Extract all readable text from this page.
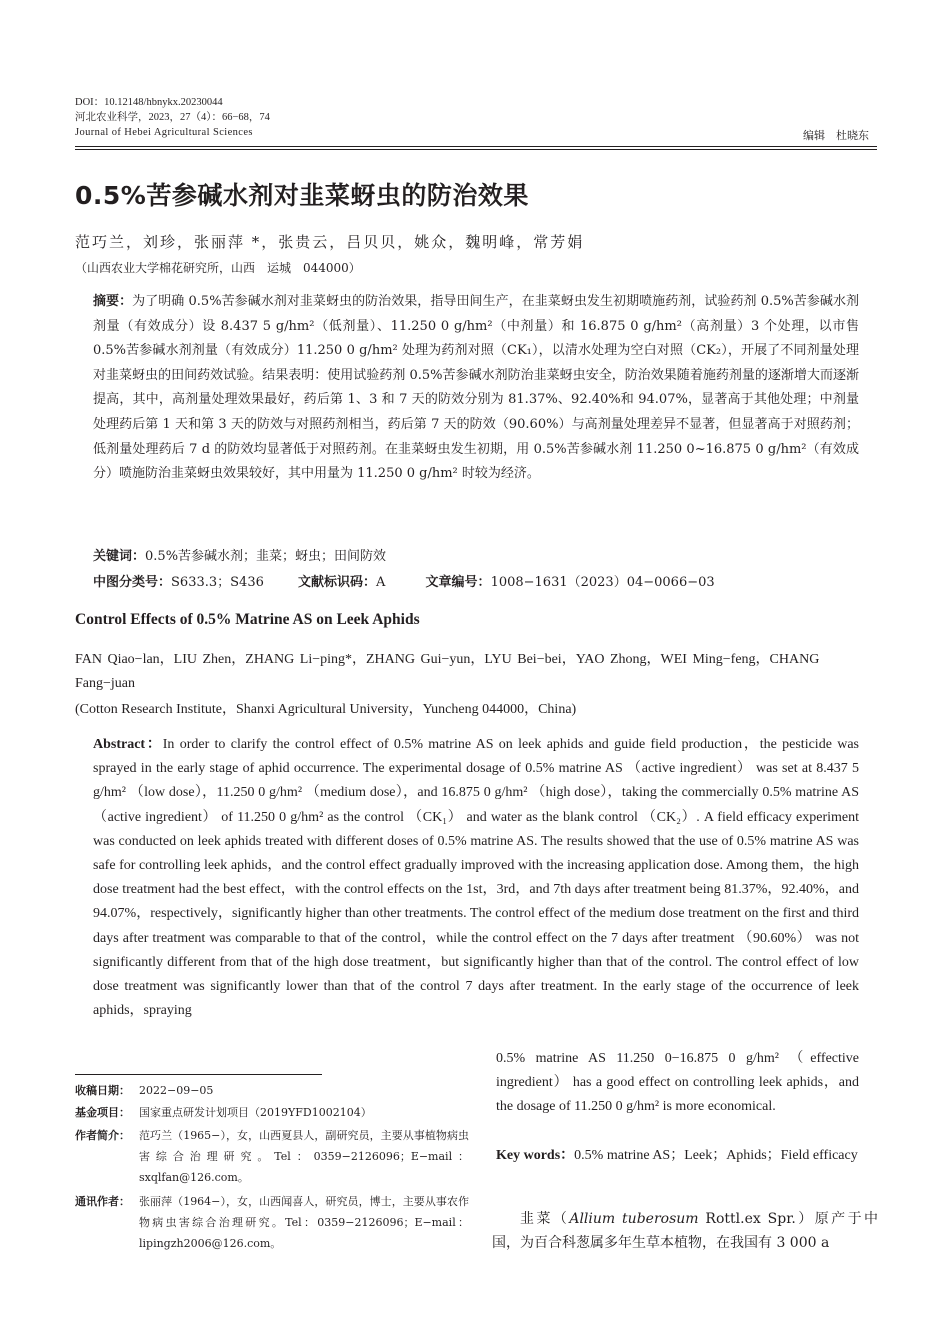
DOI：10.12148/hbnykx.20230044
河北农业科学，2023，27（4）：66−68，74
Journal of Hebei Agricultural Sciences	编辑　杜晓东
0.5%苦参碱水剂对韭菜蚜虫的防治效果
范巧兰，刘珍，张丽萍 *，张贵云，吕贝贝，姚众，魏明峰，常芳娟
（山西农业大学棉花研究所，山西　运城　044000）
摘要：为了明确 0.5%苦参碱水剂对韭菜蚜虫的防治效果，指导田间生产，在韭菜蚜虫发生初期喷施药剂，试验药剂 0.5%苦参碱水剂剂量（有效成分）设 8.437 5 g/hm²（低剂量）、11.250 0 g/hm²（中剂量）和 16.875 0 g/hm²（高剂量）3 个处理，以市售 0.5%苦参碱水剂剂量（有效成分）11.250 0 g/hm² 处理为药剂对照（CK₁），以清水处理为空白对照（CK₂），开展了不同剂量处理对韭菜蚜虫的田间药效试验。结果表明：使用试验药剂 0.5%苦参碱水剂防治韭菜蚜虫安全，防治效果随着施药剂量的逐渐增大而逐渐提高，其中，高剂量处理效果最好，药后第 1、3 和 7 天的防效分别为 81.37%、92.40%和 94.07%，显著高于其他处理；中剂量处理药后第 1 天和第 3 天的防效与对照药剂相当，药后第 7 天的防效（90.60%）与高剂量处理差异不显著，但显著高于对照药剂；低剂量处理药后 7 d 的防效均显著低于对照药剂。在韭菜蚜虫发生初期，用 0.5%苦参碱水剂 11.250 0~16.875 0 g/hm²（有效成分）喷施防治韭菜蚜虫效果较好，其中用量为 11.250 0 g/hm² 时较为经济。
关键词：0.5%苦参碱水剂；韭菜；蚜虫；田间防效
中图分类号：S633.3；S436	文献标识码：A	文章编号：1008−1631（2023）04−0066−03
Control Effects of 0.5% Matrine AS on Leek Aphids
FAN Qiao−lan，LIU Zhen，ZHANG Li−ping*，ZHANG Gui−yun，LYU Bei−bei，YAO Zhong，WEI Ming−feng，CHANG Fang−juan
(Cotton Research Institute，Shanxi Agricultural University，Yuncheng 044000，China)
Abstract：In order to clarify the control effect of 0.5% matrine AS on leek aphids and guide field production，the pesticide was sprayed in the early stage of aphid occurrence. The experimental dosage of 0.5% matrine AS （active ingredient） was set at 8.437 5 g/hm² （low dose），11.250 0 g/hm² （medium dose），and 16.875 0 g/hm² （high dose），taking the commercially 0.5% matrine AS （active ingredient） of 11.250 0 g/hm² as the control （CK₁） and water as the blank control （CK₂）. A field efficacy experiment was conducted on leek aphids treated with different doses of 0.5% matrine AS. The results showed that the use of 0.5% matrine AS was safe for controlling leek aphids，and the control effect gradually improved with the increasing application dose. Among them，the high dose treatment had the best effect，with the control effects on the 1st，3rd，and 7th days after treatment being 81.37%，92.40%，and 94.07%，respectively，significantly higher than other treatments. The control effect of the medium dose treatment on the first and third days after treatment was comparable to that of the control，while the control effect on the 7 days after treatment （90.60%） was not significantly different from that of the high dose treatment，but significantly higher than that of the control. The control effect of low dose treatment was significantly lower than that of the control 7 days after treatment. In the early stage of the occurrence of leek aphids，spraying
0.5% matrine AS 11.250 0−16.875 0 g/hm² （effective ingredient） has a good effect on controlling leek aphids，and the dosage of 11.250 0 g/hm² is more economical.
Key words：0.5% matrine AS；Leek；Aphids；Field efficacy
收稿日期： 2022−09−05
基金项目： 国家重点研发计划项目（2019YFD1002104）
作者简介： 范巧兰（1965−），女，山西夏县人，副研究员，主要从事植物病虫害综合治理研究。Tel：0359−2126096；E−mail：sxqlfan@126.com。
通讯作者： 张丽萍（1964−），女，山西闻喜人，研究员，博士，主要从事农作物病虫害综合治理研究。Tel：0359−2126096；E−mail：lipingzh2006@126.com。
韭菜（Allium tuberosum Rottl.ex Spr.）原产于中国，为百合科葱属多年生草本植物，在我国有 3 000 a
